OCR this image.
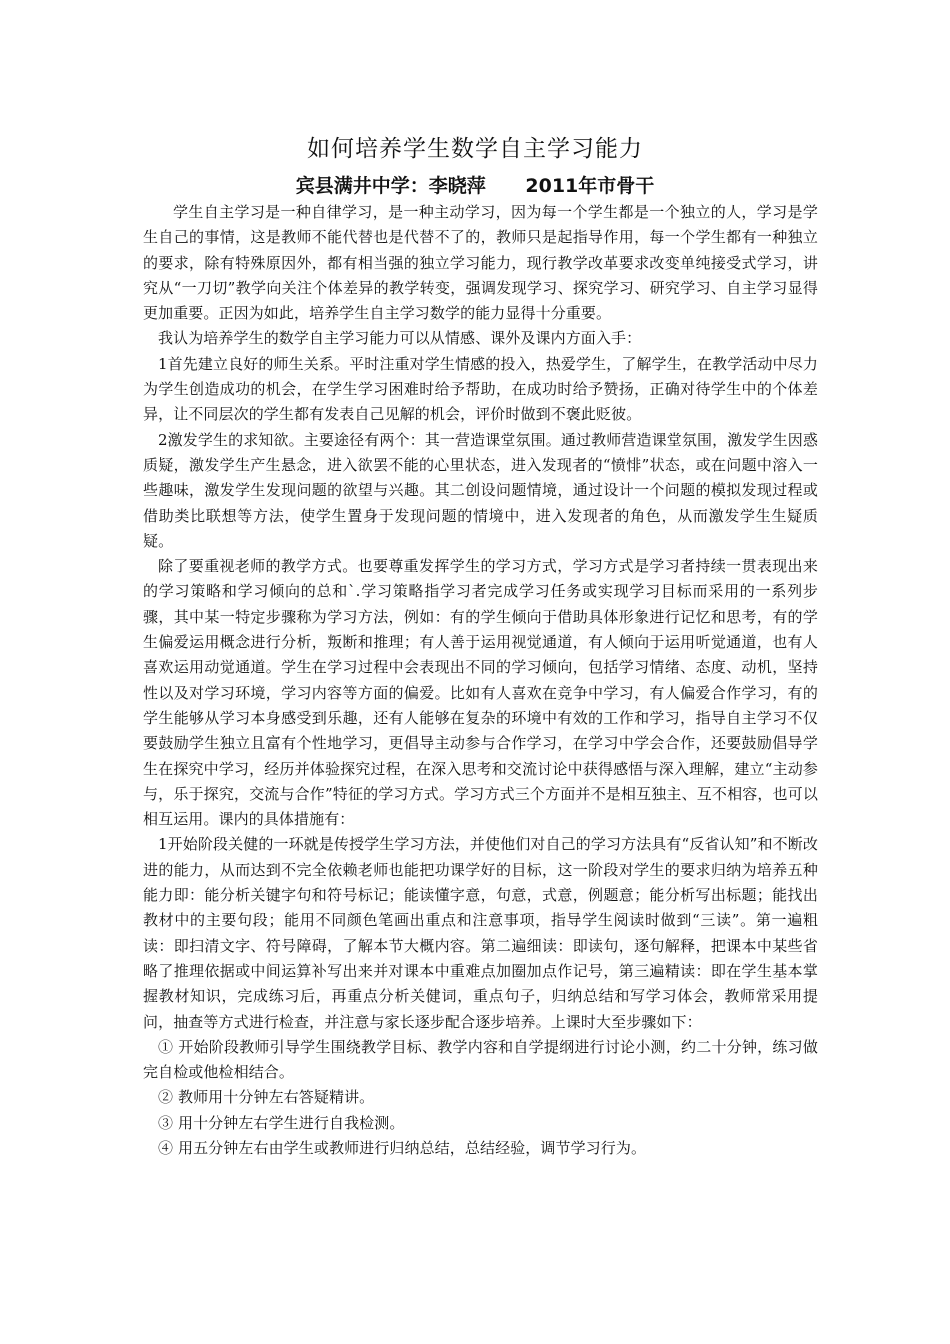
如何培养学生数学自主学习能力
宾县满井中学：李晓萍      2011年市骨干

学生自主学习是一种自律学习，是一种主动学习，因为每一个学生都是一个独立的人，学习是学生自己的事情，这是教师不能代替也是代替不了的，教师只是起指导作用，每一个学生都有一种独立的要求，除有特殊原因外，都有相当强的独立学习能力，现行教学改革要求改变单纯接受式学习，讲究从“一刀切”教学向关注个体差异的教学转变，强调发现学习、探究学习、研究学习、自主学习显得更加重要。正因为如此，培养学生自主学习数学的能力显得十分重要。

我认为培养学生的数学自主学习能力可以从情感、课外及课内方面入手：

1首先建立良好的师生关系。平时注重对学生情感的投入，热爱学生，了解学生，在教学活动中尽力为学生创造成功的机会，在学生学习困难时给予帮助，在成功时给予赞扬，正确对待学生中的个体差异，让不同层次的学生都有发表自己见解的机会，评价时做到不褒此贬彼。

2激发学生的求知欲。主要途径有两个：其一营造课堂氛围。通过教师营造课堂氛围，激发学生因惑质疑，激发学生产生悬念，进入欲罢不能的心里状态，进入发现者的“愤悱”状态，或在问题中溶入一些趣味，激发学生发现问题的欲望与兴趣。其二创设问题情境，通过设计一个问题的模拟发现过程或借助类比联想等方法，使学生置身于发现问题的情境中，进入发现者的角色，从而激发学生生疑质疑。

除了要重视老师的教学方式。也要尊重发挥学生的学习方式，学习方式是学习者持续一贯表现出来的学习策略和学习倾向的总和`.学习策略指学习者完成学习任务或实现学习目标而采用的一系列步骤，其中某一特定步骤称为学习方法，例如：有的学生倾向于借助具体形象进行记忆和思考，有的学生偏爱运用概念进行分析，叛断和推理；有人善于运用视觉通道，有人倾向于运用听觉通道，也有人喜欢运用动觉通道。学生在学习过程中会表现出不同的学习倾向，包括学习情绪、态度、动机，坚持性以及对学习环境，学习内容等方面的偏爱。比如有人喜欢在竞争中学习，有人偏爱合作学习，有的学生能够从学习本身感受到乐趣，还有人能够在复杂的环境中有效的工作和学习，指导自主学习不仅要鼓励学生独立且富有个性地学习，更倡导主动参与合作学习，在学习中学会合作，还要鼓励倡导学生在探究中学习，经历并体验探究过程，在深入思考和交流讨论中获得感悟与深入理解，建立“主动参与，乐于探究，交流与合作”特征的学习方式。学习方式三个方面并不是相互独主、互不相容，也可以相互运用。课内的具体措施有：

1开始阶段关健的一环就是传授学生学习方法，并使他们对自己的学习方法具有“反省认知”和不断改进的能力，从而达到不完全依赖老师也能把功课学好的目标，这一阶段对学生的要求归纳为培养五种能力即：能分析关键字句和符号标记；能读懂字意，句意，式意，例题意；能分析写出标题；能找出教材中的主要句段；能用不同颜色笔画出重点和注意事项，指导学生阅读时做到“三读”。第一遍粗读：即扫清文字、符号障碍，了解本节大概内容。第二遍细读：即读句，逐句解释，把课本中某些省略了推理依据或中间运算补写出来并对课本中重难点加圈加点作记号，第三遍精读：即在学生基本掌握教材知识，完成练习后，再重点分析关健词，重点句子，归纳总结和写学习体会，教师常采用提问，抽查等方式进行检查，并注意与家长逐步配合逐步培养。上课时大至步骤如下：

① 开始阶段教师引导学生围绕教学目标、教学内容和自学提纲进行讨论小测，约二十分钟，练习做完自检或他检相结合。

② 教师用十分钟左右答疑精讲。

③ 用十分钟左右学生进行自我检测。

④ 用五分钟左右由学生或教师进行归纳总结，总结经验，调节学习行为。
